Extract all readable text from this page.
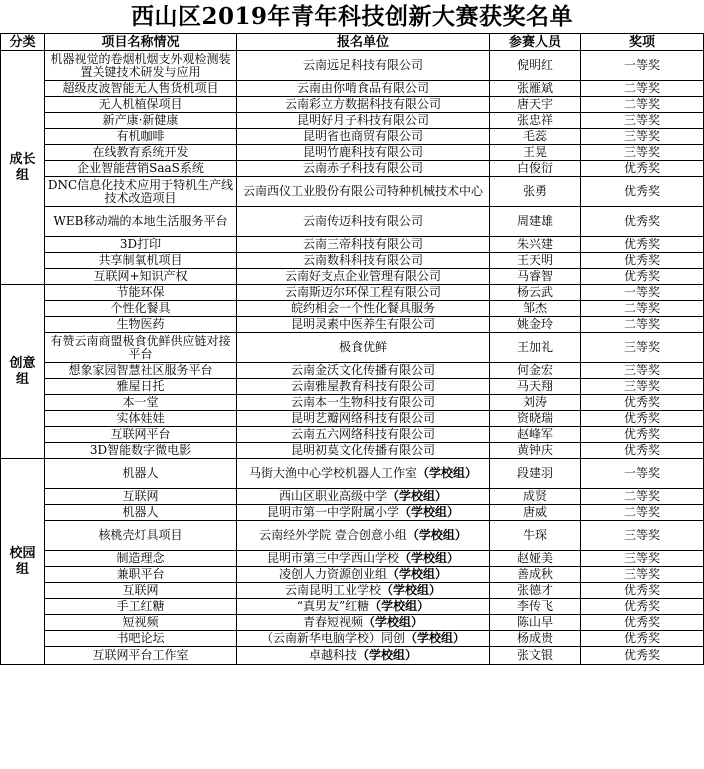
西山区2019年青年科技创新大赛获奖名单
分类	项目名称情况	报名单位	参赛人员	奖项
成长组	机器视觉的卷烟机烟支外观检测装置关键技术研发与应用	云南远足科技有限公司	倪明红	一等奖
	超级皮波智能无人售货机项目	云南由你啃食品有限公司	张雁斌	二等奖
	无人机植保项目	云南彩立方数据科技有限公司	唐天宇	二等奖
	新产康·新健康	昆明好月子科技有限公司	张忠祥	三等奖
	有机咖啡	昆明省也商贸有限公司	毛蕊	三等奖
	在线教育系统开发	昆明竹鹿科技有限公司	王晃	三等奖
	企业智能营销SaaS系统	云南赤子科技有限公司	白俊衍	优秀奖
	DNC信息化技术应用于特机生产线技术改造项目	云南西仪工业股份有限公司特种机械技术中心	张勇	优秀奖
	WEB移动端的本地生活服务平台	云南传迈科技有限公司	周建雄	优秀奖
	3D打印	云南三帝科技有限公司	朱兴建	优秀奖
	共享制氧机项目	云南数科科技有限公司	王天明	优秀奖
	互联网+知识产权	云南好支点企业管理有限公司	马睿智	优秀奖
创意组	节能环保	云南斯迈尔环保工程有限公司	杨云武	一等奖
	个性化餐具	皖约相会一个性化餐具服务	邹杰	二等奖
	生物医药	昆明灵素中医养生有限公司	姚金玲	二等奖
	有赞云南商盟极食优鲜供应链对接平台	极食优鲜	王加礼	三等奖
	想象家园智慧社区服务平台	云南金沃文化传播有限公司	何金宏	三等奖
	雅屋日托	云南雅屋教育科技有限公司	马天翔	三等奖
	本一堂	云南本一生物科技有限公司	刘涛	优秀奖
	实体娃娃	昆明艺瓣网络科技有限公司	资晓瑞	优秀奖
	互联网平台	云南五六网络科技有限公司	赵峰军	优秀奖
	3D智能数字微电影	昆明初莫文化传播有限公司	黄钟庆	优秀奖
校园组	机器人	马街大渔中心学校机器人工作室（学校组）	段建羽	一等奖
	互联网	西山区职业高级中学（学校组）	成贤	二等奖
	机器人	昆明市第一中学附属小学（学校组）	唐威	二等奖
	核桃壳灯具项目	云南经外学院 壹合创意小组（学校组）	牛琛	三等奖
	制造理念	昆明市第三中学西山学校（学校组）	赵娅美	三等奖
	兼职平台	凌创人力资源创业组（学校组）	善成秋	三等奖
	互联网	云南昆明工业学校（学校组）	张德才	优秀奖
	手工红糖	“真男友”红糖（学校组）	李传飞	优秀奖
	短视频	青春短视频（学校组）	陈山早	优秀奖
	书吧论坛	（云南新华电脑学校）同创（学校组）	杨成贵	优秀奖
	互联网平台工作室	卓越科技（学校组）	张文银	优秀奖
